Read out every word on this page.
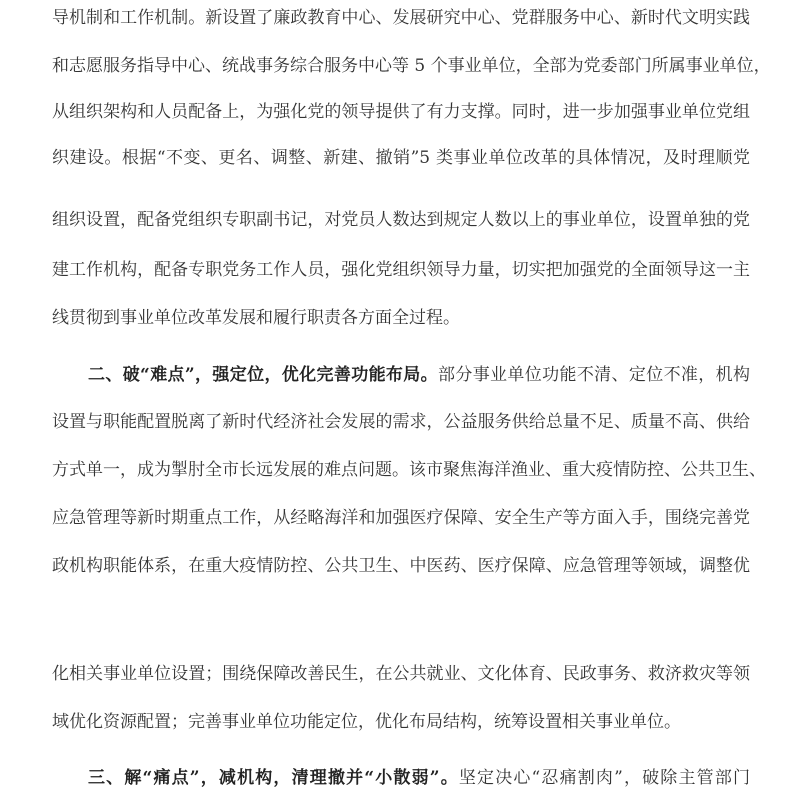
导机制和工作机制。新设置了廉政教育中心、发展研究中心、党群服务中心、新时代文明实践
和志愿服务指导中心、统战事务综合服务中心等 5 个事业单位，全部为党委部门所属事业单位，
从组织架构和人员配备上，为强化党的领导提供了有力支撑。同时，进一步加强事业单位党组
织建设。根据“不变、更名、调整、新建、撤销”5 类事业单位改革的具体情况，及时理顺党
组织设置，配备党组织专职副书记，对党员人数达到规定人数以上的事业单位，设置单独的党
建工作机构，配备专职党务工作人员，强化党组织领导力量，切实把加强党的全面领导这一主
线贯彻到事业单位改革发展和履行职责各方面全过程。
二、破“难点”，强定位，优化完善功能布局。部分事业单位功能不清、定位不准，机构
设置与职能配置脱离了新时代经济社会发展的需求，公益服务供给总量不足、质量不高、供给
方式单一，成为掣肘全市长远发展的难点问题。该市聚焦海洋渔业、重大疫情防控、公共卫生、
应急管理等新时期重点工作，从经略海洋和加强医疗保障、安全生产等方面入手，围绕完善党
政机构职能体系，在重大疫情防控、公共卫生、中医药、医疗保障、应急管理等领域，调整优
化相关事业单位设置；围绕保障改善民生，在公共就业、文化体育、民政事务、救济救灾等领
域优化资源配置；完善事业单位功能定位，优化布局结构，统筹设置相关事业单位。
三、解“痛点”，减机构，清理撤并“小散弱”。坚定决心“忍痛割肉”，破除主管部门
